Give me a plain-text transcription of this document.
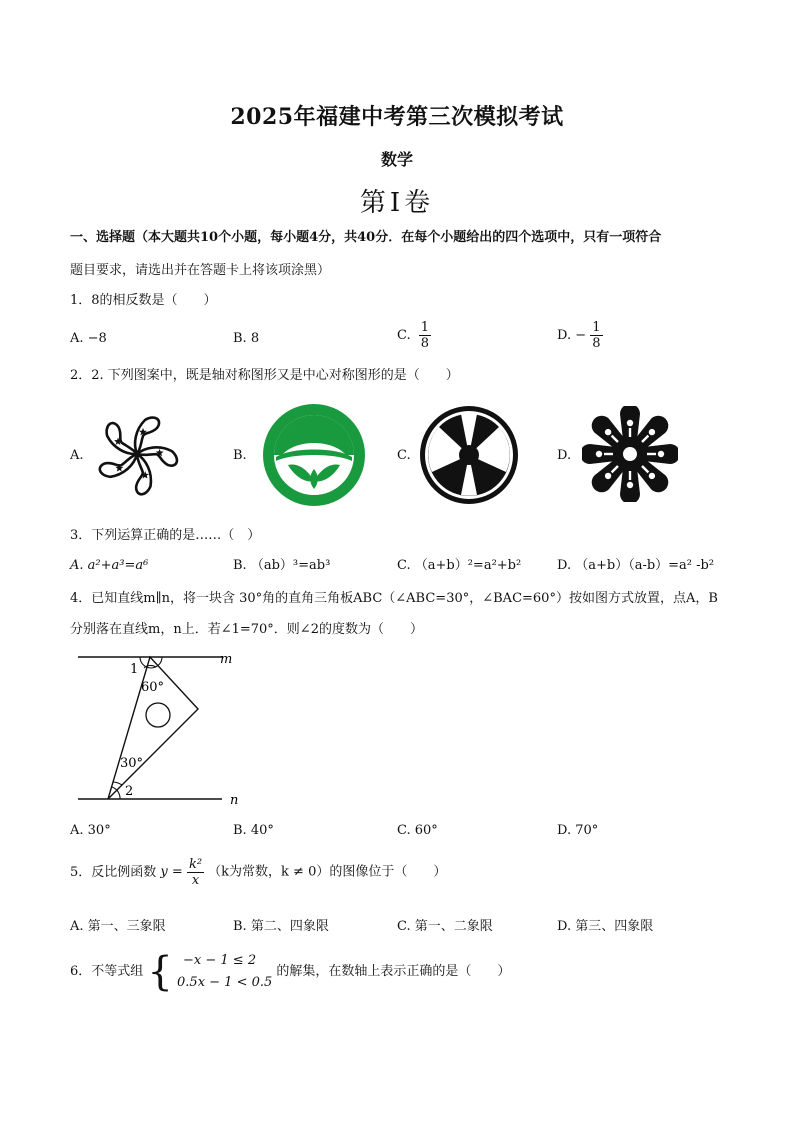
2025年福建中考第三次模拟考试
数学
第Ⅰ卷
一、选择题（本大题共10个小题，每小题4分，共40分．在每个小题给出的四个选项中，只有一项符合
题目要求，请选出并在答题卡上将该项涂黑）
1．8的相反数是（　　）
A. −8	B. 8	C. $\frac{1}{8}$	D. − $\frac{1}{8}$
2．2. 下列图案中，既是轴对称图形又是中心对称图形的是（　　）
A.	B.	C.	D.
3．下列运算正确的是……（　）
A. a²+a³=a⁶	B. （ab）³=ab³	C. （a+b）²=a²+b²	D. （a+b）（a-b）=a² -b²
4．已知直线m∥n，将一块含 30°角的直角三角板ABC（∠ABC=30°，∠BAC=60°）按如图方式放置，点A，B
分别落在直线m，n上．若∠1=70°．则∠2的度数为（　　）
m
n
1
60°
30°
2
A. 30°	B. 40°	C. 60°	D. 70°
5．反比例函数 $y = \frac{\text{k²}}{x} (k$为常数，k ≠ 0）的图像位于（　　）
A. 第一、三象限	B. 第二、四象限	C. 第一、二象限	D. 第三、四象限
6．不等式组 { −x − 1 ≤ 2
0.5x − 1 < 0.5
的解集，在数轴上表示正确的是（　　）
